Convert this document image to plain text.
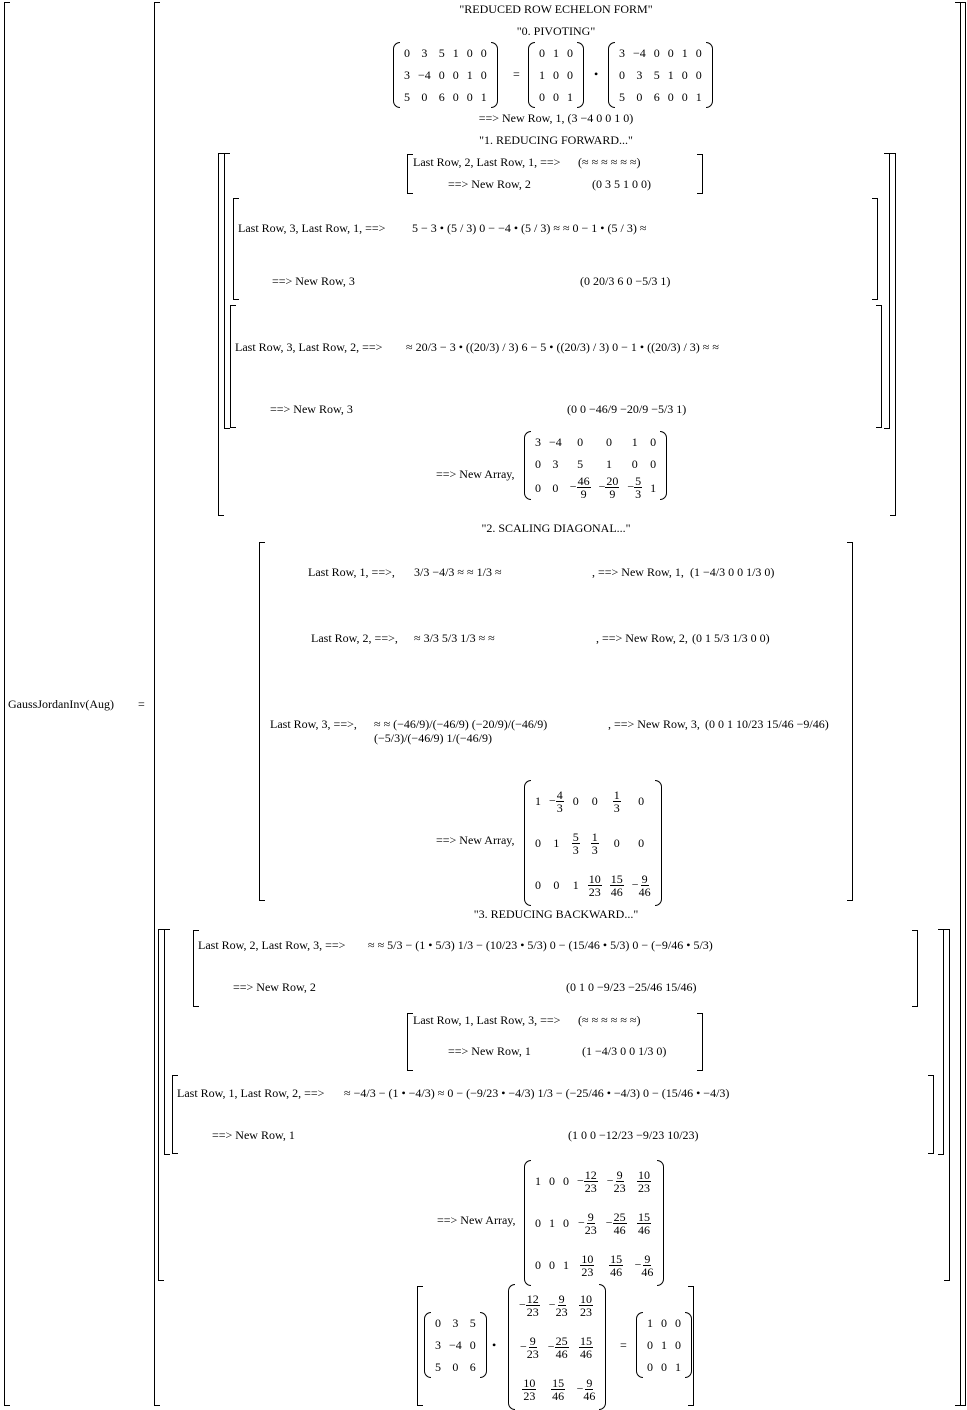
GaussJordanInv(Aug) =
"REDUCED ROW ECHELON FORM"
"0. PIVOTING"
0	3	5	1	0	0
3	−4	0	0	1	0
5	0	6	0	0	1
=
0	1	0
1	0	0
0	0	1
•
3	−4	0	0	1	0
0	3	5	1	0	0
5	0	6	0	0	1
==> New Row, 1, (3 −4 0 0 1 0)
"1. REDUCING FORWARD..."
Last Row, 2, Last Row, 1, ==> (≈ ≈ ≈ ≈ ≈ ≈)
==> New Row, 2	(0 3 5 1 0 0)
Last Row, 3, Last Row, 1, ==> 5 − 3 • (5 / 3) 0 − −4 • (5 / 3) ≈ ≈ 0 − 1 • (5 / 3) ≈
==> New Row, 3	(0 20/3 6 0 −5/3 1)
Last Row, 3, Last Row, 2, ==> ≈ 20/3 − 3 • ((20/3) / 3) 6 − 5 • ((20/3) / 3) 0 − 1 • ((20/3) / 3) ≈ ≈
==> New Row, 3	(0 0 −46/9 −20/9 −5/3 1)
==> New Array,
3	−4	0	0	1	0
0	3	5	1	0	0
0	0	− $\frac{46}{9}$	− $\frac{20}{9}$	− $\frac{5}{3}$	1
"2. SCALING DIAGONAL..."
Last Row, 1, ==>, 3/3 −4/3 ≈ ≈ 1/3 ≈	, ==> New Row, 1, (1 −4/3 0 0 1/3 0)
Last Row, 2, ==>, ≈ 3/3 5/3 1/3 ≈ ≈	, ==> New Row, 2, (0 1 5/3 1/3 0 0)
Last Row, 3, ==>, ≈ ≈ (−46/9)/(−46/9) (−20/9)/(−46/9) (−5/3)/(−46/9) 1/(−46/9)
, ==> New Row, 3, (0 0 1 10/23 15/46 −9/46)
==> New Array,
1	− $\frac{4}{3}$	0	0	$\frac{1}{3}$	0
0	1	$\frac{5}{3}$	$\frac{1}{3}$	0	0
0	0	1	$\frac{10}{23}$	$\frac{15}{46}$	− $\frac{9}{46}$
"3. REDUCING BACKWARD..."
Last Row, 2, Last Row, 3, ==> ≈ ≈ 5/3 − (1 • 5/3) 1/3 − (10/23 • 5/3) 0 − (15/46 • 5/3) 0 − (−9/46 • 5/3)
==> New Row, 2	(0 1 0 −9/23 −25/46 15/46)
Last Row, 1, Last Row, 3, ==> (≈ ≈ ≈ ≈ ≈ ≈)
==> New Row, 1	(1 −4/3 0 0 1/3 0)
Last Row, 1, Last Row, 2, ==> ≈ −4/3 − (1 • −4/3) ≈ 0 − (−9/23 • −4/3) 1/3 − (−25/46 • −4/3) 0 − (15/46 • −4/3)
==> New Row, 1	(1 0 0 −12/23 −9/23 10/23)
==> New Array,
1	0	0	− $\frac{12}{23}$	− $\frac{9}{23}$	$\frac{10}{23}$

0	1	0	− $\frac{9}{23}$	− $\frac{25}{46}$	$\frac{15}{46}$

0	0	1	$\frac{10}{23}$	$\frac{15}{46}$	− $\frac{9}{46}$
0	3	5
3	−4	0
5	0	6
•
− $\frac{12}{23}$	− $\frac{9}{23}$	$\frac{10}{23}$

− $\frac{9}{23}$	− $\frac{25}{46}$	$\frac{15}{46}$

$\frac{10}{23}$	$\frac{15}{46}$	− $\frac{9}{46}$
=
1	0	0
0	1	0
0	0	1
